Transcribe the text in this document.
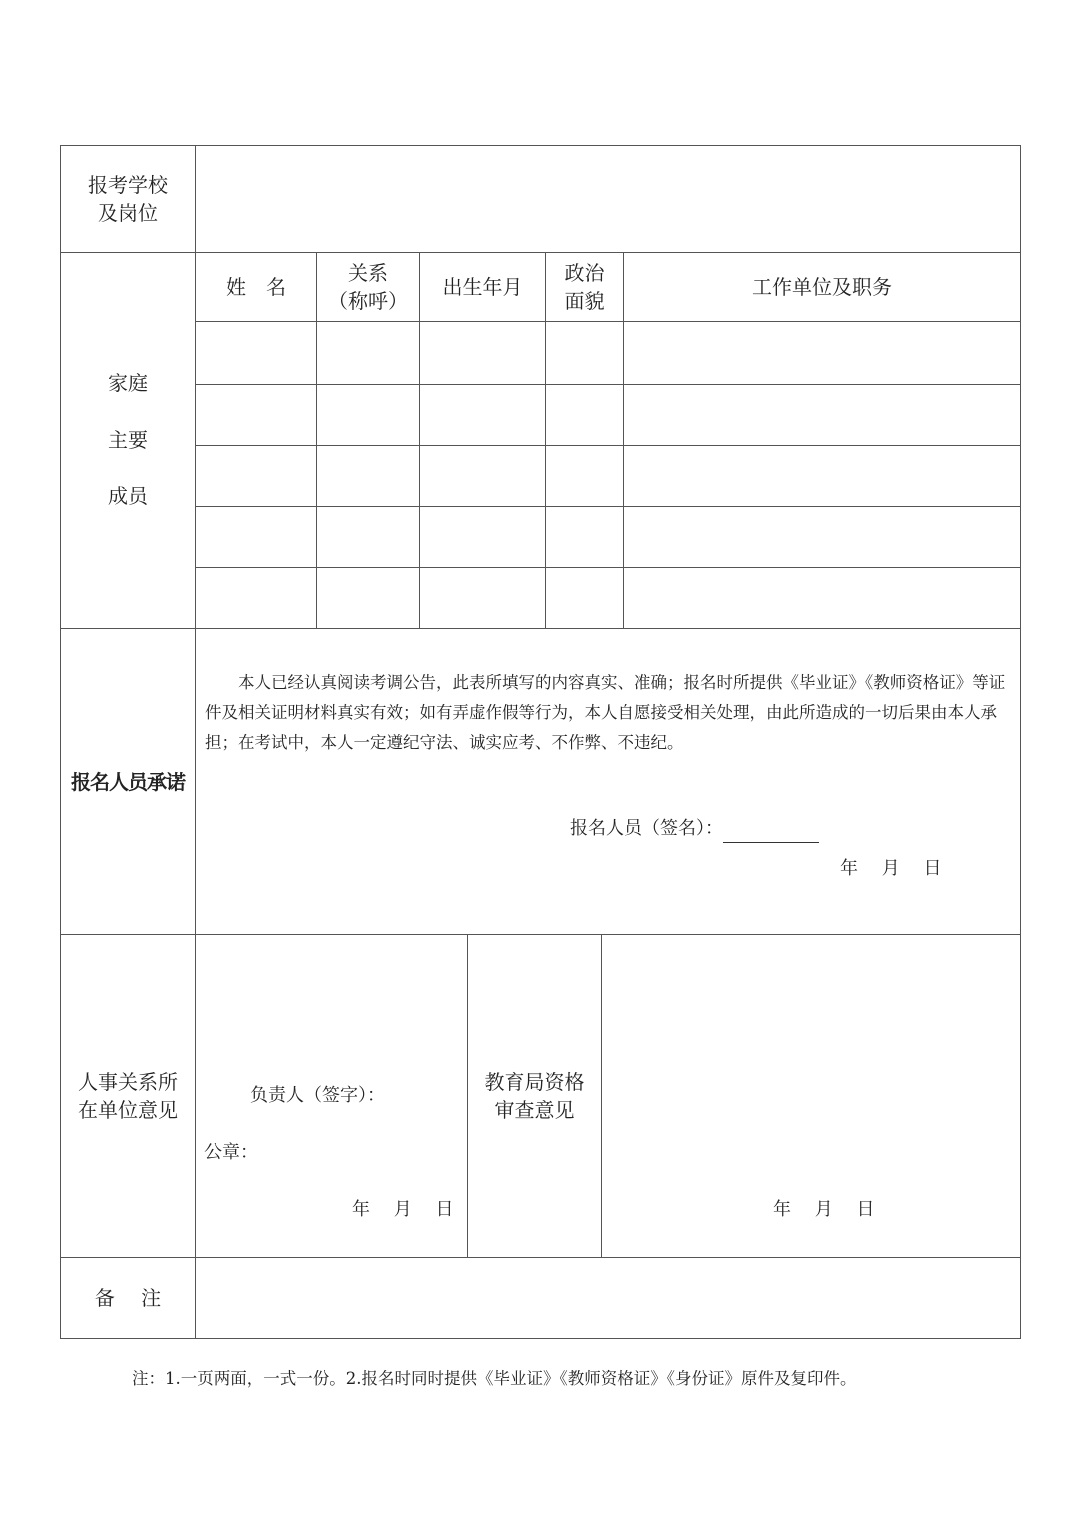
报考学校
及岗位
家庭
主要
成员
姓　名
关系
（称呼）
出生年月
政治
面貌
工作单位及职务
报名人员承诺
本人已经认真阅读考调公告，此表所填写的内容真实、准确；报名时所提供《毕业证》《教师资格证》等证件及相关证明材料真实有效；如有弄虚作假等行为，本人自愿接受相关处理，由此所造成的一切后果由本人承担；在考试中，本人一定遵纪守法、诚实应考、不作弊、不违纪。
报名人员（签名）：
年　 月　 日
人事关系所
在单位意见
负责人（签字）：
公章：
年　 月　 日
教育局资格
审查意见
年　 月　 日
备　 注
注：1.一页两面，一式一份。2.报名时同时提供《毕业证》《教师资格证》《身份证》原件及复印件。
